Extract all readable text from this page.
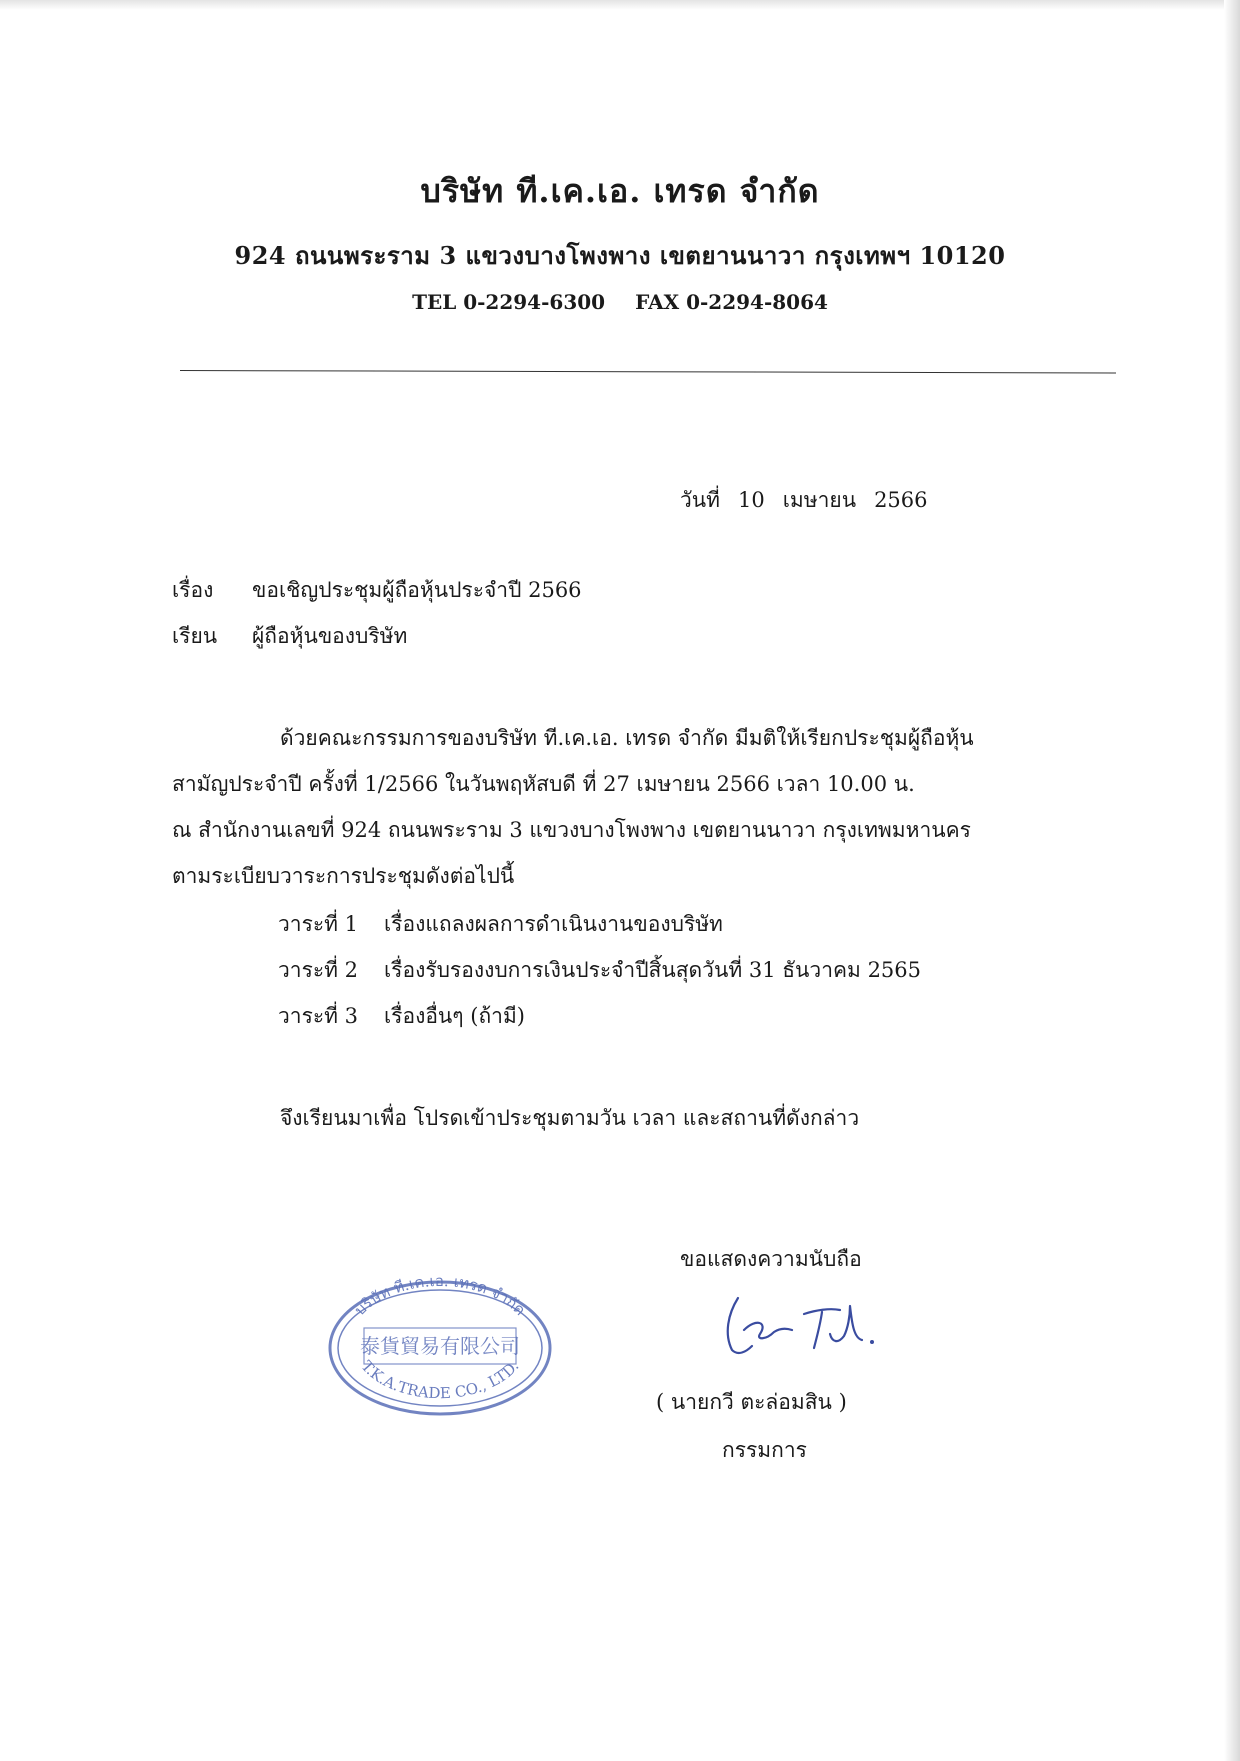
บริษัท ที.เค.เอ. เทรด จำกัด
924 ถนนพระราม 3 แขวงบางโพงพาง เขตยานนาวา กรุงเทพฯ 10120
TEL 0-2294-6300 FAX 0-2294-8064
วันที่ 10 เมษายน 2566
เรื่อง ขอเชิญประชุมผู้ถือหุ้นประจำปี 2566
เรียน ผู้ถือหุ้นของบริษัท
ด้วยคณะกรรมการของบริษัท ที.เค.เอ. เทรด จำกัด มีมติให้เรียกประชุมผู้ถือหุ้น
สามัญประจำปี ครั้งที่ 1/2566 ในวันพฤหัสบดี ที่ 27 เมษายน 2566 เวลา 10.00 น.
ณ สำนักงานเลขที่ 924 ถนนพระราม 3 แขวงบางโพงพาง เขตยานนาวา กรุงเทพมหานคร
ตามระเบียบวาระการประชุมดังต่อไปนี้
วาระที่ 1 เรื่องแถลงผลการดำเนินงานของบริษัท
วาระที่ 2 เรื่องรับรองงบการเงินประจำปีสิ้นสุดวันที่ 31 ธันวาคม 2565
วาระที่ 3 เรื่องอื่นๆ (ถ้ามี)
จึงเรียนมาเพื่อ โปรดเข้าประชุมตามวัน เวลา และสถานที่ดังกล่าว
ขอแสดงความนับถือ
( นายกวี ตะล่อมสิน )
กรรมการ
บริษัท ที.เค.เอ. เทรด จำกัด
泰貨貿易有限公司
T.K.A.TRADE CO., LTD.
